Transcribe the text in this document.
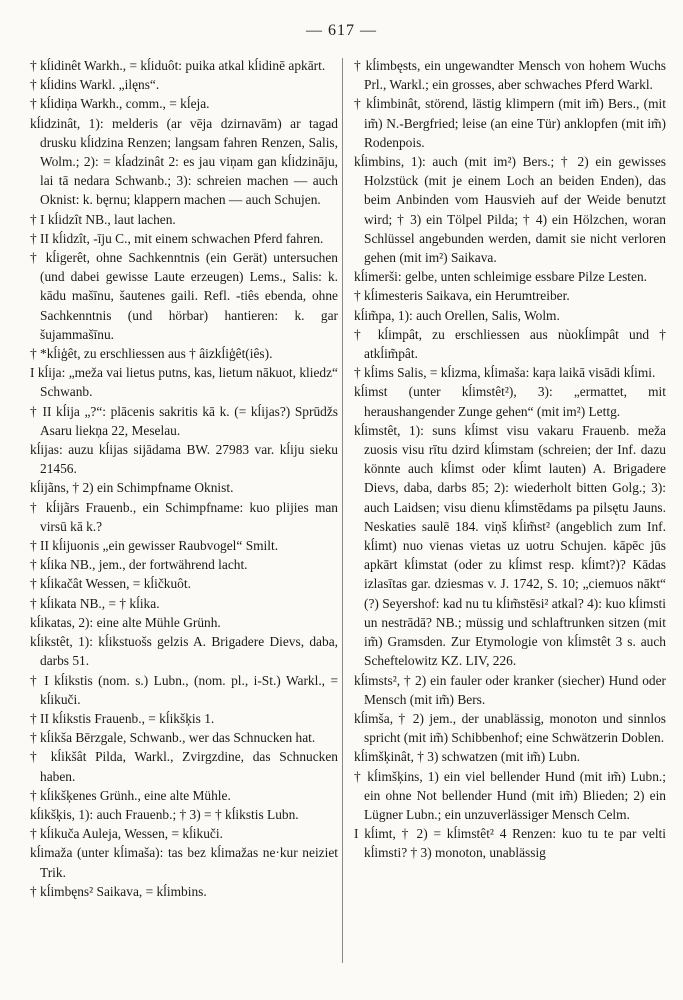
— 617 —

† kĺidinêt Warkh., = kĺiduôt: puika atkal kĺidinē apkārt.

† kĺidins Warkl. „ilęns“.

† kĺidiņa Warkh., comm., = kĺeja.

kĺidzinât, 1): melderis (ar vēja dzirnavām) ar tagad drusku kĺidzina Renzen; langsam fahren Renzen, Salis, Wolm.; 2): = kĺadzinât 2: es jau viņam gan kĺidzināju, lai tā nedara Schwanb.; 3): schreien machen — auch Oknist: k. bęrnu; klappern machen — auch Schujen.

† I kĺidzît NB., laut lachen.

† II kĺidzît, -īju C., mit einem schwachen Pferd fahren.

† kĺigerêt, ohne Sachkenntnis (ein Gerät) untersuchen (und dabei gewisse Laute erzeugen) Lems., Salis: k. kādu mašīnu, šautenes gaili. Refl. -tiês ebenda, ohne Sachkenntnis (und hörbar) hantieren: k. gar šujammašīnu.

† *kĺiģêt, zu erschliessen aus † âizkĺiģêt(iês).

I kĺija: „meža vai lietus putns, kas, lietum nākuot, kliedz“ Schwanb.

† II kĺija „?“: plācenis sakritis kā k. (= kĺijas?) Sprūdžs Asaru liekņa 22, Meselau.

kĺijas: auzu kĺijas sijādama BW. 27983 var. kĺiju sieku 21456.

kĺijãns, † 2) ein Schimpfname Oknist.

† kĺijãrs Frauenb., ein Schimpfname: kuo plijies man virsū kā k.?

† II kĺijuonis „ein gewisser Raubvogel“ Smilt.

† kĺika NB., jem., der fortwährend lacht.

† kĺikačât Wessen, = kĺičkuôt.

† kĺikata NB., = † kĺika.

kĺikatas, 2): eine alte Mühle Grünh.

kĺikstêt, 1): kĺikstuošs gelzis A. Brigadere Dievs, daba, darbs 51.

† I kĺikstis (nom. s.) Lubn., (nom. pl., i-St.) Warkl., = kĺikuči.

† II kĺikstis Frauenb., = kĺikšķis 1.

† kĺikša Bērzgale, Schwanb., wer das Schnucken hat.

† kĺikšât Pilda, Warkl., Zvirgzdine, das Schnucken haben.

† kĺikšķenes Grünh., eine alte Mühle.

kĺikšķis, 1): auch Frauenb.; † 3) = † kĺikstis Lubn.

† kĺikuča Auleja, Wessen, = kĺikuči.

kĺimaža (unter kĺimaša): tas bez kĺimažas ne·kur neiziet Trik.

† kĺimbęns² Saikava, = kĺimbins.

† kĺimbęsts, ein ungewandter Mensch von hohem Wuchs Prl., Warkl.; ein grosses, aber schwaches Pferd Warkl.

† kĺimbinât, störend, lästig klimpern (mit im̃) Bers., (mit im̃) N.-Bergfried; leise (an eine Tür) anklopfen (mit im̃) Rodenpois.

kĺimbins, 1): auch (mit im²) Bers.; † 2) ein gewisses Holzstück (mit je einem Loch an beiden Enden), das beim Anbinden vom Hausvieh auf der Weide benutzt wird; † 3) ein Tölpel Pilda; † 4) ein Hölzchen, woran Schlüssel angebunden werden, damit sie nicht verloren gehen (mit im²) Saikava.

kĺimerši: gelbe, unten schleimige essbare Pilze Lesten.

† kĺimesteris Saikava, ein Herumtreiber.

kĺim̃pa, 1): auch Orellen, Salis, Wolm.

† kĺimpât, zu erschliessen aus nùokĺimpât und † atkĺim̃pât.

† kĺims Salis, = kĺizma, kĺimaša: kaŗa laikā visādi kĺimi.

kĺimst (unter kĺimstêt²), 3): „ermattet, mit heraushangender Zunge gehen“ (mit im²) Lettg.

kĺimstêt, 1): suns kĺimst visu vakaru Frauenb. meža zuosis visu rītu dzird kĺimstam (schreien; der Inf. dazu könnte auch kĺimst oder kĺimt lauten) A. Brigadere Dievs, daba, darbs 85; 2): wiederholt bitten Golg.; 3): auch Laidsen; visu dienu kĺimstēdams pa pilsętu Jauns. Neskaties saulē 184. viņš kĺim̃st² (angeblich zum Inf. kĺimt) nuo vienas vietas uz uotru Schujen. kāpēc jūs apkārt kĺimstat (oder zu kĺimst resp. kĺimt?)? Kādas izlasītas gar. dziesmas v. J. 1742, S. 10; „ciemuos nākt“ (?) Seyershof: kad nu tu kĺim̃stēsi² atkal? 4): kuo kĺimsti un nestrādā? NB.; müssig und schlaftrunken sitzen (mit im̃) Gramsden. Zur Etymologie von kĺimstêt 3 s. auch Scheftelowitz KZ. LIV, 226.

kĺimsts², † 2) ein fauler oder kranker (siecher) Hund oder Mensch (mit im̃) Bers.

kĺimša, † 2) jem., der unablässig, monoton und sinnlos spricht (mit im̃) Schibbenhof; eine Schwätzerin Doblen.

kĺimšķinât, † 3) schwatzen (mit im̃) Lubn.

† kĺimšķins, 1) ein viel bellender Hund (mit im̃) Lubn.; ein ohne Not bellender Hund (mit im̃) Blieden; 2) ein Lügner Lubn.; ein unzuverlässiger Mensch Celm.

I kĺimt, † 2) = kĺimstêt² 4 Renzen: kuo tu te par velti kĺimsti? † 3) monoton, unablässig
